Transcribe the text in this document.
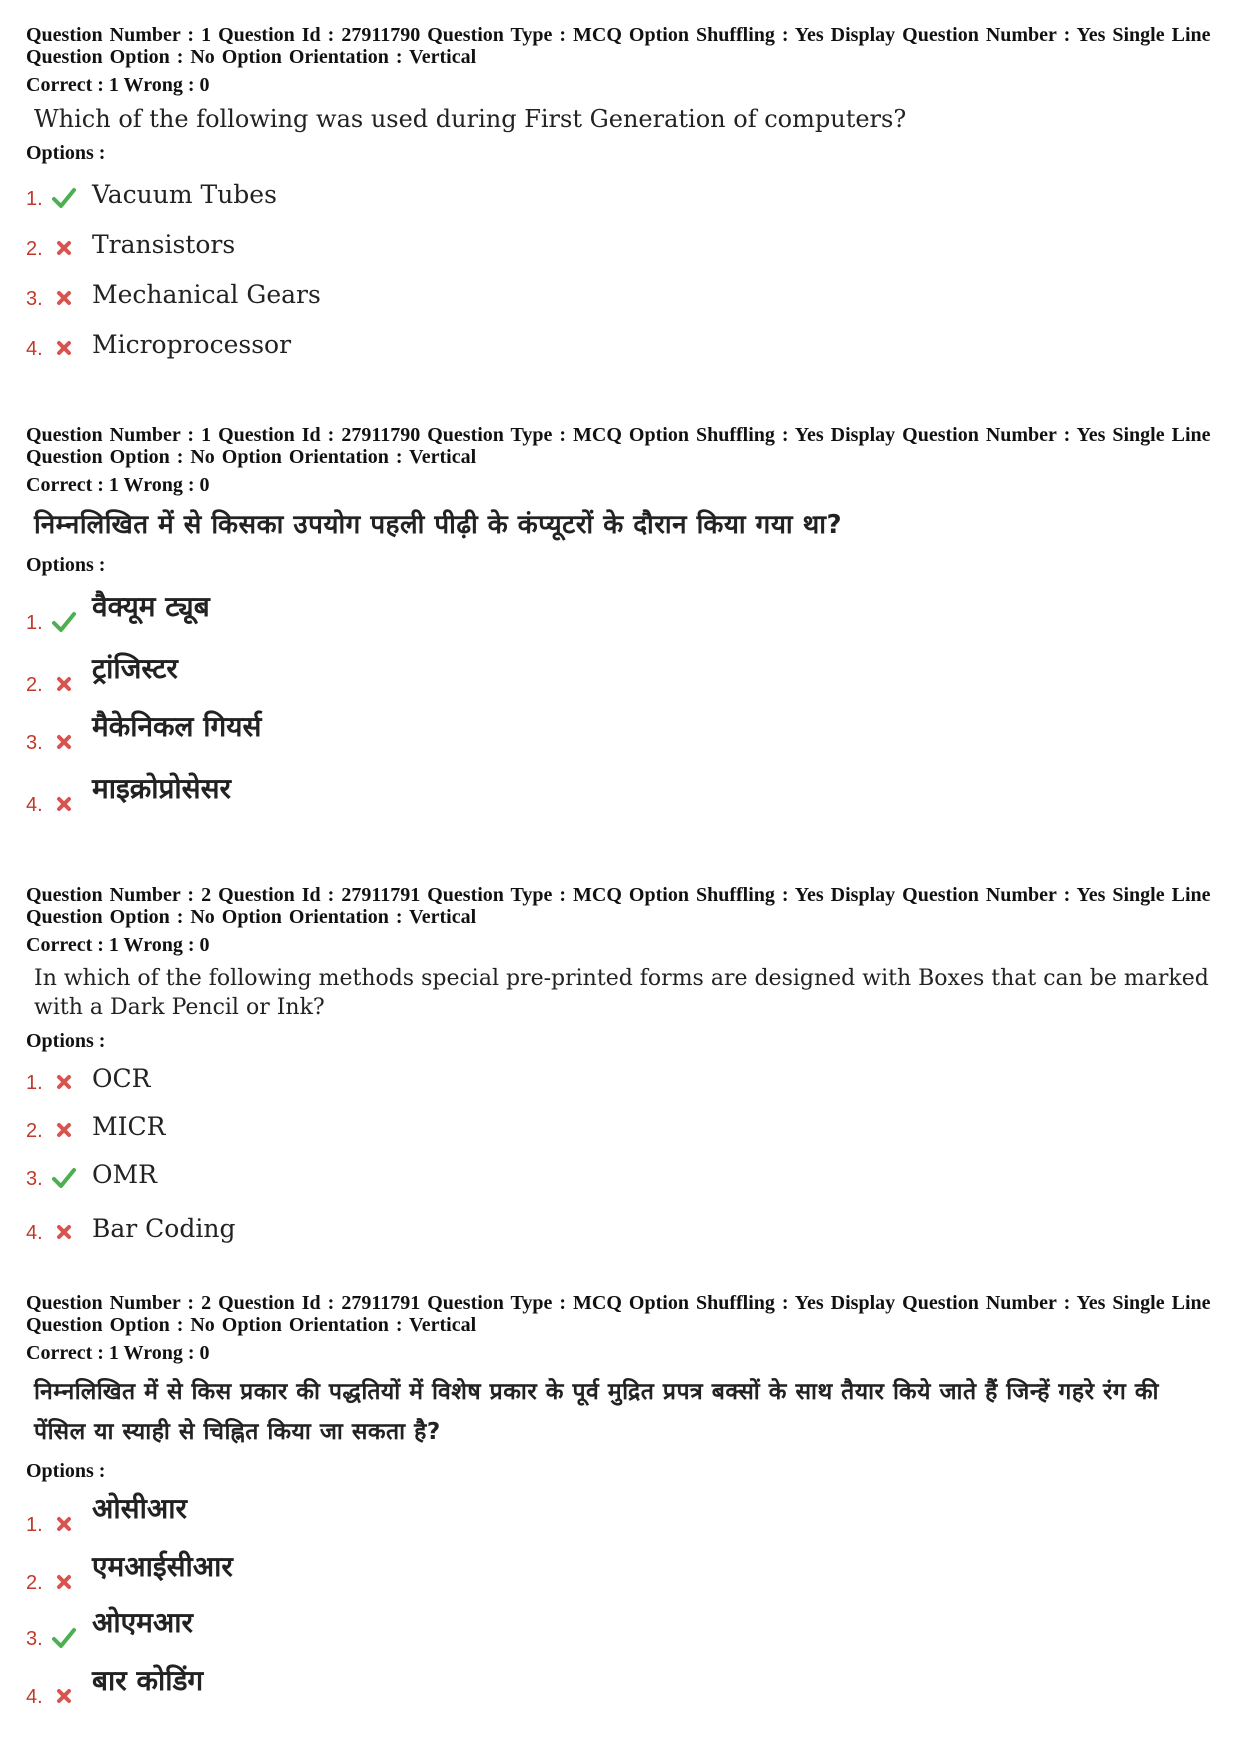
Question Number : 1 Question Id : 27911790 Question Type : MCQ Option Shuffling : Yes Display Question Number : Yes Single Line Question Option : No Option Orientation : Vertical

Correct : 1 Wrong : 0
Which of the following was used during First Generation of computers?
Options :
1. Vacuum Tubes
2. Transistors
3. Mechanical Gears
4. Microprocessor

Question Number : 1 Question Id : 27911790 Question Type : MCQ Option Shuffling : Yes Display Question Number : Yes Single Line Question Option : No Option Orientation : Vertical

Correct : 1 Wrong : 0
निम्नलिखित में से किसका उपयोग पहली पीढ़ी के कंप्यूटरों के दौरान किया गया था?
Options :
1. वैक्यूम ट्यूब
2. ट्रांजिस्टर
3. मैकेनिकल गियर्स
4. माइक्रोप्रोसेसर

Question Number : 2 Question Id : 27911791 Question Type : MCQ Option Shuffling : Yes Display Question Number : Yes Single Line Question Option : No Option Orientation : Vertical

Correct : 1 Wrong : 0
In which of the following methods special pre-printed forms are designed with Boxes that can be marked with a Dark Pencil or Ink?
Options :
1. OCR
2. MICR
3. OMR
4. Bar Coding

Question Number : 2 Question Id : 27911791 Question Type : MCQ Option Shuffling : Yes Display Question Number : Yes Single Line Question Option : No Option Orientation : Vertical

Correct : 1 Wrong : 0
निम्नलिखित में से किस प्रकार की पद्धतियों में विशेष प्रकार के पूर्व मुद्रित प्रपत्र बक्सों के साथ तैयार किये जाते हैं जिन्हें गहरे रंग की पेंसिल या स्याही से चिह्नित किया जा सकता है?
Options :
1. ओसीआर
2. एमआईसीआर
3. ओएमआर
4. बार कोडिंग
